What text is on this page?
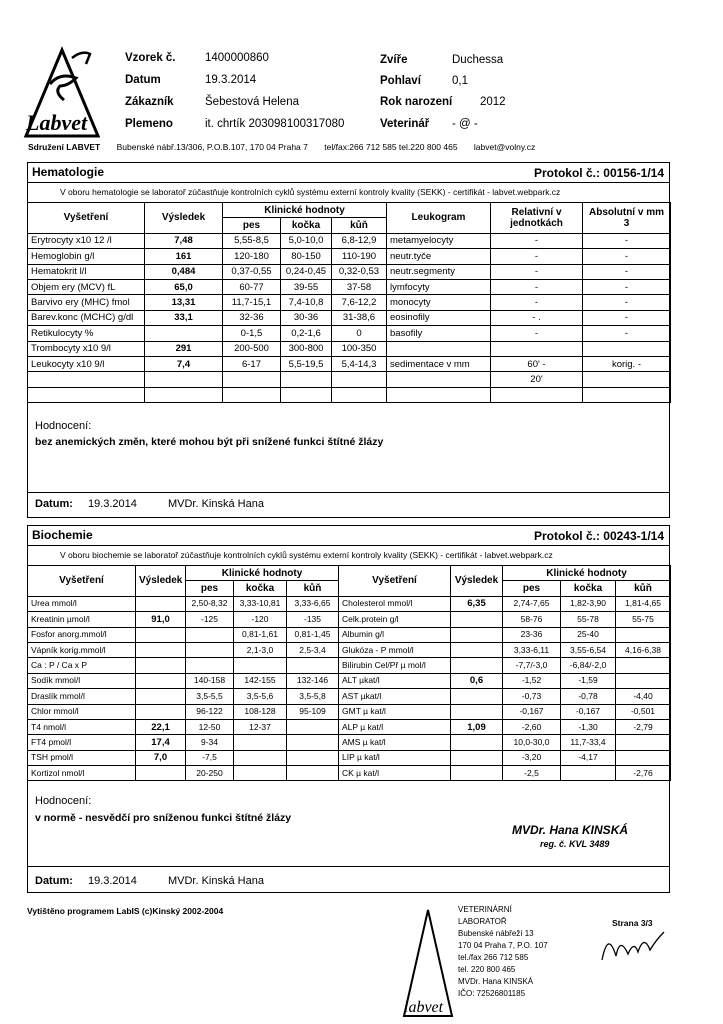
Labvet
Vzorek č.	1400000860
Datum	19.3.2014
Zákazník	Šebestová Helena
Plemeno	it. chrtík 203098100317080
Zvíře	Duchessa
Pohlaví	0,1
Rok narození 2012
Veterinář - @ -
Sdružení LABVET Bubenské nábř.13/306, P.O.B.107, 170 04 Praha 7 tel/fax:266 712 585 tel.220 800 465 labvet@volny.cz
Hematologie	Protokol č.: 00156-1/14
V oboru hematologie se laboratoř zúčastňuje kontrolních cyklů systému externí kontroly kvality (SEKK) - certifikát - labvet.webpark.cz
Vyšetření	Výsledek	Klinické hodnoty			Leukogram	Relativní v jednotkách	Absolutní v mm 3
		pes	kočka	kůň			
Erytrocyty x10 12 /l	7,48	5,55-8,5	5,0-10,0	6,8-12,9	metamyelocyty	-	-
Hemoglobin g/l	161	120-180	80-150	110-190	neutr.tyče	-	-
Hematokrit l/l	0,484	0,37-0,55	0,24-0,45	0,32-0,53	neutr.segmenty	-	-
Objem ery (MCV) fL	65,0	60-77	39-55	37-58	lymfocyty	-	-
Barvivo ery (MHC) fmol	13,31	11,7-15,1	7,4-10,8	7,6-12,2	monocyty	-	-
Barev.konc (MCHC) g/dl	33,1	32-36	30-36	31-38,6	eosinofily	- .	-
Retikulocyty %		0-1,5	0,2-1,6	0	basofily	-	-
Trombocyty x10 9/l	291	200-500	300-800	100-350			
Leukocyty x10 9/l	7,4	6-17	5,5-19,5	5,4-14,3	sedimentace v mm	60' -	korig. -
						20'	

Hodnocení:
bez anemických změn, které mohou být při snížené funkci štítné žlázy
Datum: 19.3.2014	MVDr. Kinská Hana
Biochemie	Protokol č.: 00243-1/14
V oboru biochemie se laboratoř zúčastňuje kontrolních cyklů systému externí kontroly kvality (SEKK) - certifikát - labvet.webpark.cz
Vyšetření	Výsledek	Klinické hodnoty			Vyšetření	Výsledek	Klinické hodnoty		
		pes	kočka	kůň			pes	kočka	kůň
Urea mmol/l		2,50-8,32	3,33-10,81	3,33-6,65	Cholesterol mmol/l	6,35	2,74-7,65	1,82-3,90	1,81-4,65
Kreatinin µmol/l	91,0	-125	-120	-135	Celk.protein g/l		58-76	55-78	55-75
Fosfor anorg.mmol/l			0,81-1,61	0,81-1,45	Albumin g/l		23-36	25-40	
Vápník korig.mmol/l			2,1-3,0	2,5-3,4	Glukóza - P mmol/l		3,33-6,11	3,55-6,54	4,16-6,38
Ca : P / Ca x P					Bilirubin Cel/Př µ mol/l		-7,7/-3,0	-6,84/-2,0	
Sodík mmol/l		140-158	142-155	132-146	ALT µkat/l	0,6	-1,52	-1,59	
Draslík mmol/l		3,5-5,5	3,5-5,6	3,5-5,8	AST µkat/l		-0,73	-0,78	-4,40
Chlor mmol/l		96-122	108-128	95-109	GMT µ kat/l		-0,167	-0,167	-0,501
T4 nmol/l	22,1	12-50	12-37		ALP µ kat/l	1,09	-2,60	-1,30	-2,79
FT4 pmol/l	17,4	9-34			AMS µ kat/l		10,0-30,0	11,7-33,4	
TSH pmol/l	7,0	-7,5			LIP µ kat/l		-3,20	-4,17	
Kortizol nmol/l		20-250			CK µ kat/l		-2,5		-2,76
Hodnocení:
v normě - nesvědčí pro sníženou funkci štítné žlázy
MVDr. Hana KINSKÁ
reg. č. KVL 3489
Datum: 19.3.2014	MVDr. Kinská Hana
Vytištěno programem LabIS (c)Kinský 2002-2004
Strana 3/3
labvet
VETERINÁRNÍ
LABORATOŘ
Bubenské nábřeží 13
170 04 Praha 7, P.O. 107
tel./fax 266 712 585
tel. 220 800 465
MVDr. Hana KINSKÁ
IČO: 72526801185
